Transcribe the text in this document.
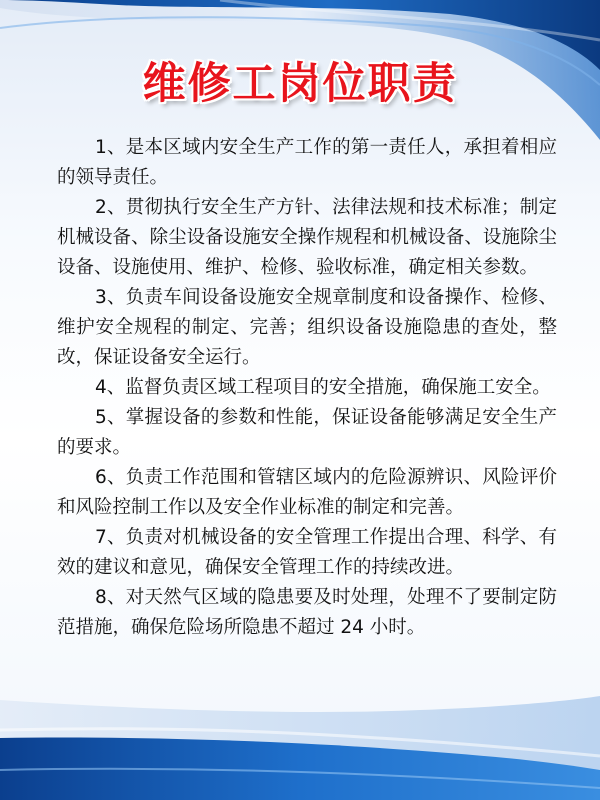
维修工岗位职责

1、是本区域内安全生产工作的第一责任人，承担着相应的领导责任。

2、贯彻执行安全生产方针、法律法规和技术标准；制定机械设备、除尘设备设施安全操作规程和机械设备、设施除尘设备、设施使用、维护、检修、验收标准，确定相关参数。

3、负责车间设备设施安全规章制度和设备操作、检修、维护安全规程的制定、完善；组织设备设施隐患的查处，整改，保证设备安全运行。

4、监督负责区域工程项目的安全措施，确保施工安全。

5、掌握设备的参数和性能，保证设备能够满足安全生产的要求。

6、负责工作范围和管辖区域内的危险源辨识、风险评价和风险控制工作以及安全作业标准的制定和完善。

7、负责对机械设备的安全管理工作提出合理、科学、有效的建议和意见，确保安全管理工作的持续改进。

8、对天然气区域的隐患要及时处理，处理不了要制定防范措施，确保危险场所隐患不超过 24 小时。
